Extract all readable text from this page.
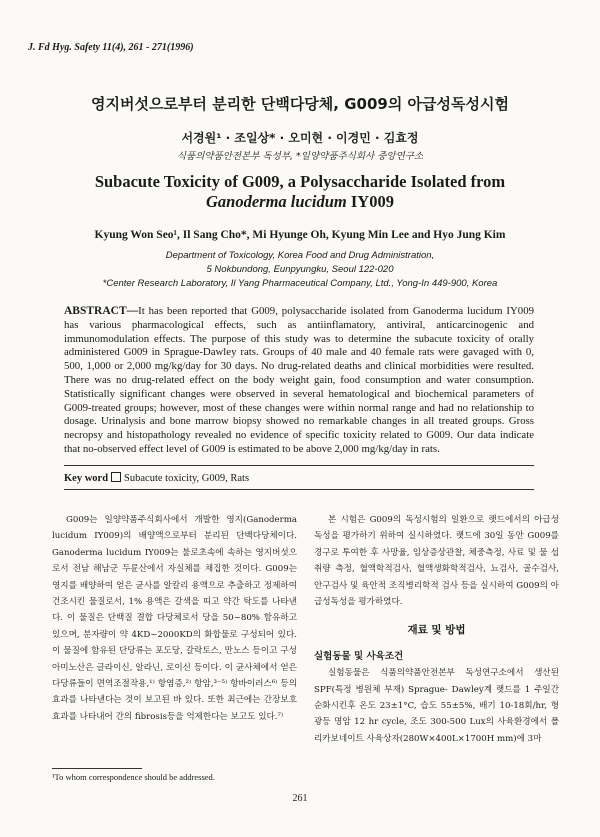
J. Fd Hyg. Safety 11(4), 261 - 271(1996)
영지버섯으로부터 분리한 단백다당체, G009의 아급성독성시험
서경원¹ · 조일상* · 오미현 · 이경민 · 김효정
식품의약품안전본부 독성부, *일양약품주식회사 중앙연구소
Subacute Toxicity of G009, a Polysaccharide Isolated from
Ganoderma lucidum IY009
Kyung Won Seo¹, Il Sang Cho*, Mi Hyunge Oh, Kyung Min Lee and Hyo Jung Kim
Department of Toxicology, Korea Food and Drug Administration,
5 Nokbundong, Eunpyungku, Seoul 122-020
*Center Research Laboratory, Il Yang Pharmaceutical Company, Ltd., Yong-In 449-900, Korea
ABSTRACT—It has been reported that G009, polysaccharide isolated from Ganoderma lucidum IY009 has various pharmacological effects, such as antiinflamatory, antiviral, anticarcinogenic and immunomodulation effects. The purpose of this study was to determine the subacute toxicity of orally administered G009 in Sprague-Dawley rats. Groups of 40 male and 40 female rats were gavaged with 0, 500, 1,000 or 2,000 mg/kg/day for 30 days. No drug-related deaths and clinical morbidities were resulted. There was no drug-related effect on the body weight gain, food consumption and water consumption. Statistically significant changes were observed in several hematological and biochemical parameters of G009-treated groups; however, most of these changes were within normal range and had no relationship to dosage. Urinalysis and bone marrow biopsy showed no remarkable changes in all treated groups. Gross necropsy and histopathology revealed no evidence of specific toxicity related to G009. Our data indicate that no-observed effect level of G009 is estimated to be above 2,000 mg/kg/day in rats.
Key word Subacute toxicity, G009, Rats

G009는 일양약품주식회사에서 개발한 영지(Ganoderma lucidum IY009)의 배양액으로부터 분리된 단백다당체이다. Ganoderma lucidum IY009는 불로초속에 속하는 영지버섯으로서 전남 해남군 두륜산에서 자실체를 채집한 것이다. G009는 영지를 배양하여 얻은 균사를 알칼리 용액으로 추출하고 정제하여 건조시킨 물질로서, 1% 용액은 갈색을 띠고 약간 탁도를 나타낸다. 이 물질은 단백질 결합 다당체로서 당을 50~80% 함유하고 있으며, 분자량이 약 4KD~2000KD의 화합물로 구성되어 있다. 이 물질에 함유된 단당류는 포도당, 갈락토스, 만노스 등이고 구성 아미노산은 글라이신, 알라닌, 로이신 등이다. 이 균사체에서 얻은 다당류들이 면역조절작용,¹⁾ 항염증,²⁾ 항암,³⁻⁵⁾ 항바이러스⁶⁾ 등의 효과를 나타낸다는 것이 보고된 바 있다. 또한 최근에는 간장보호 효과를 나타내어 간의 fibrosis등을 억제한다는 보고도 있다.⁷⁾

본 시험은 G009의 독성시험의 일환으로 랫드에서의 아급성 독성을 평가하기 위하여 실시하였다. 랫드에 30일 동안 G009를 경구로 투여한 후 사망율, 임상증상관찰, 체중측정, 사료 및 물 섭취량 측정, 혈액학적검사, 혈액생화학적검사, 뇨검사, 골수검사, 안구검사 및 육안적 조직병리학적 검사 등을 실시하여 G009의 아급성독성을 평가하였다.

재료 및 방법
실험동물 및 사육조건

실험동물은 식품의약품안전본부 독성연구소에서 생산된 SPF(특정 병원체 부재) Sprague- Dawley계 랫드를 1 주일간 순화시킨후 온도 23±1°C, 습도 55±5%, 배기 10-18회/hr, 형광등 명암 12 hr cycle, 조도 300-500 Lux의 사육환경에서 폴리카보네이트 사육상자(280W×400L×1700H mm)에 3마

¹To whom correspondence should be addressed.
261
